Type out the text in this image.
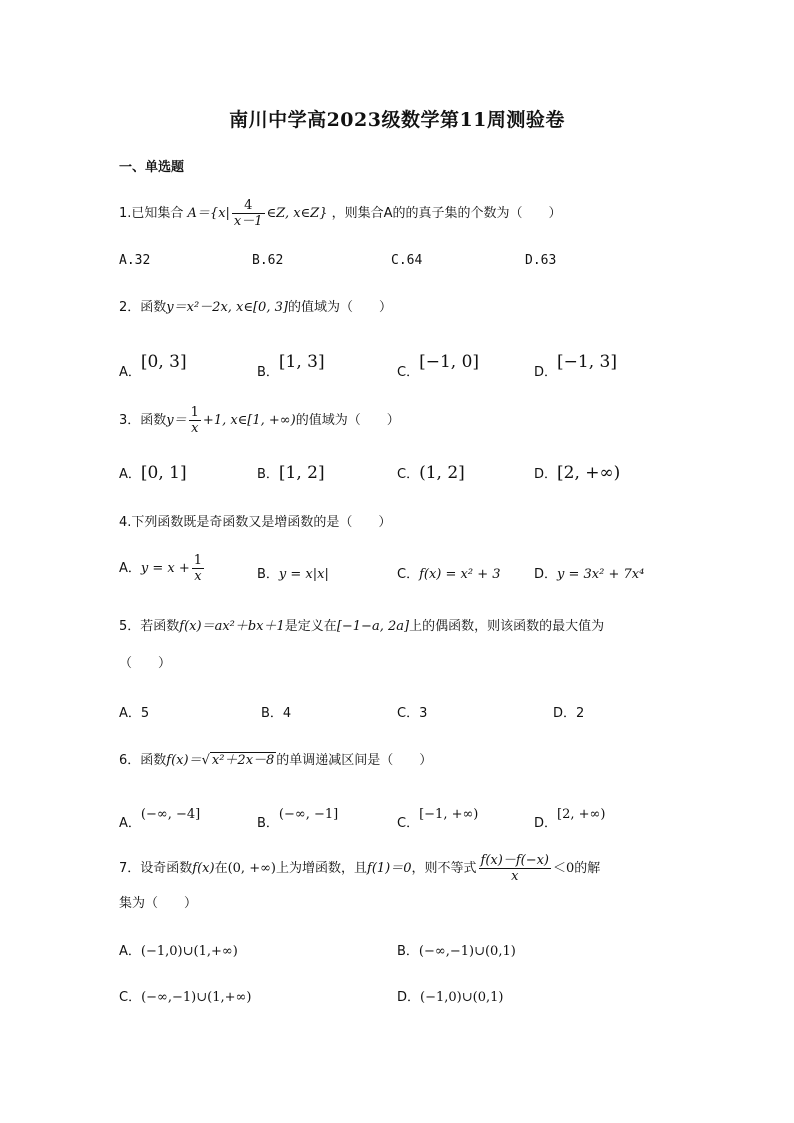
南川中学高2023级数学第11周测验卷
一、单选题
1.已知集合 $A=\{x| \frac{4}{x-1}$ ∈Z, x∈Z} ，则集合A的的真子集的个数为（　　）
A.32	B.62	C.64	D.63
2．函数y＝x²－2x, x∈[0, 3]的值域为（　　）
A．[0, 3]
B．[1, 3]
C．[−1, 0]
D．[−1, 3]
3．函数$y= \frac{1}{x} +1$, x∈[1, +∞)的值域为（　　）
A．[0, 1]	B．[1, 2]	C．(1, 2]	D．[2, +∞)
4.下列函数既是奇函数又是增函数的是（　　）
A．$y = x + \frac{1}{x}$	B．y = x|x|	C．f(x) = x² + 3	D．y = 3x² + 7x⁴
5．若函数f(x)＝ax²＋bx＋1是定义在[−1−a, 2a]上的偶函数，则该函数的最大值为
（　　）
A．5	B．4	C．3	D．2
6．函数f(x)＝√ x²＋2x－8 的单调递减区间是（　　）
A．(−∞, −4]
B．(−∞, −1]
C．[−1, +∞)
D．[2, +∞)
7．设奇函数f(x)在(0, +∞)上为增函数，且f(1)＝0，则不等式 $\frac{f(x)-f(-x)}{x} <0$的解
集为（　　）
A．(−1,0)∪(1,+∞)	B．(−∞,−1)∪(0,1)
C．(−∞,−1)∪(1,+∞)	D．(−1,0)∪(0,1)
